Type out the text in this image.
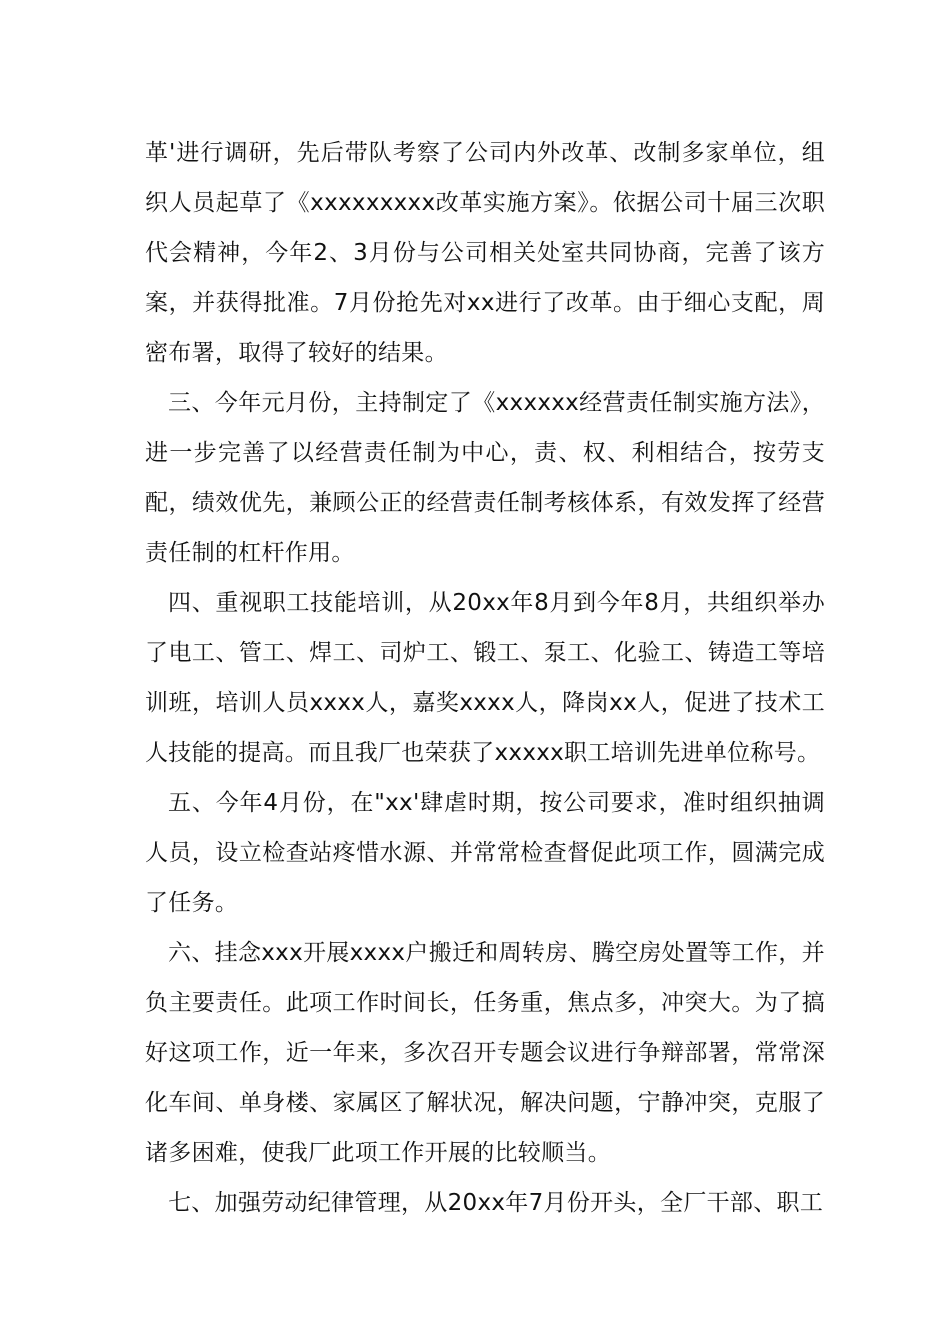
革'进行调研，先后带队考察了公司内外改革、改制多家单位，组织人员起草了《xxxxxxxxx改革实施方案》。依据公司十届三次职代会精神，今年2、3月份与公司相关处室共同协商，完善了该方案，并获得批准。7月份抢先对xx进行了改革。由于细心支配，周密布署，取得了较好的结果。

三、今年元月份，主持制定了《xxxxxx经营责任制实施方法》，进一步完善了以经营责任制为中心，责、权、利相结合，按劳支配，绩效优先，兼顾公正的经营责任制考核体系，有效发挥了经营责任制的杠杆作用。

四、重视职工技能培训，从20xx年8月到今年8月，共组织举办了电工、管工、焊工、司炉工、锻工、泵工、化验工、铸造工等培训班，培训人员xxxx人，嘉奖xxxx人，降岗xx人，促进了技术工人技能的提高。而且我厂也荣获了xxxxx职工培训先进单位称号。

五、今年4月份，在"xx'肆虐时期，按公司要求，准时组织抽调人员，设立检查站疼惜水源、并常常检查督促此项工作，圆满完成了任务。

六、挂念xxx开展xxxx户搬迁和周转房、腾空房处置等工作，并负主要责任。此项工作时间长，任务重，焦点多，冲突大。为了搞好这项工作，近一年来，多次召开专题会议进行争辩部署，常常深化车间、单身楼、家属区了解状况，解决问题，宁静冲突，克服了诸多困难，使我厂此项工作开展的比较顺当。

七、加强劳动纪律管理，从20xx年7月份开头，全厂干部、职工
